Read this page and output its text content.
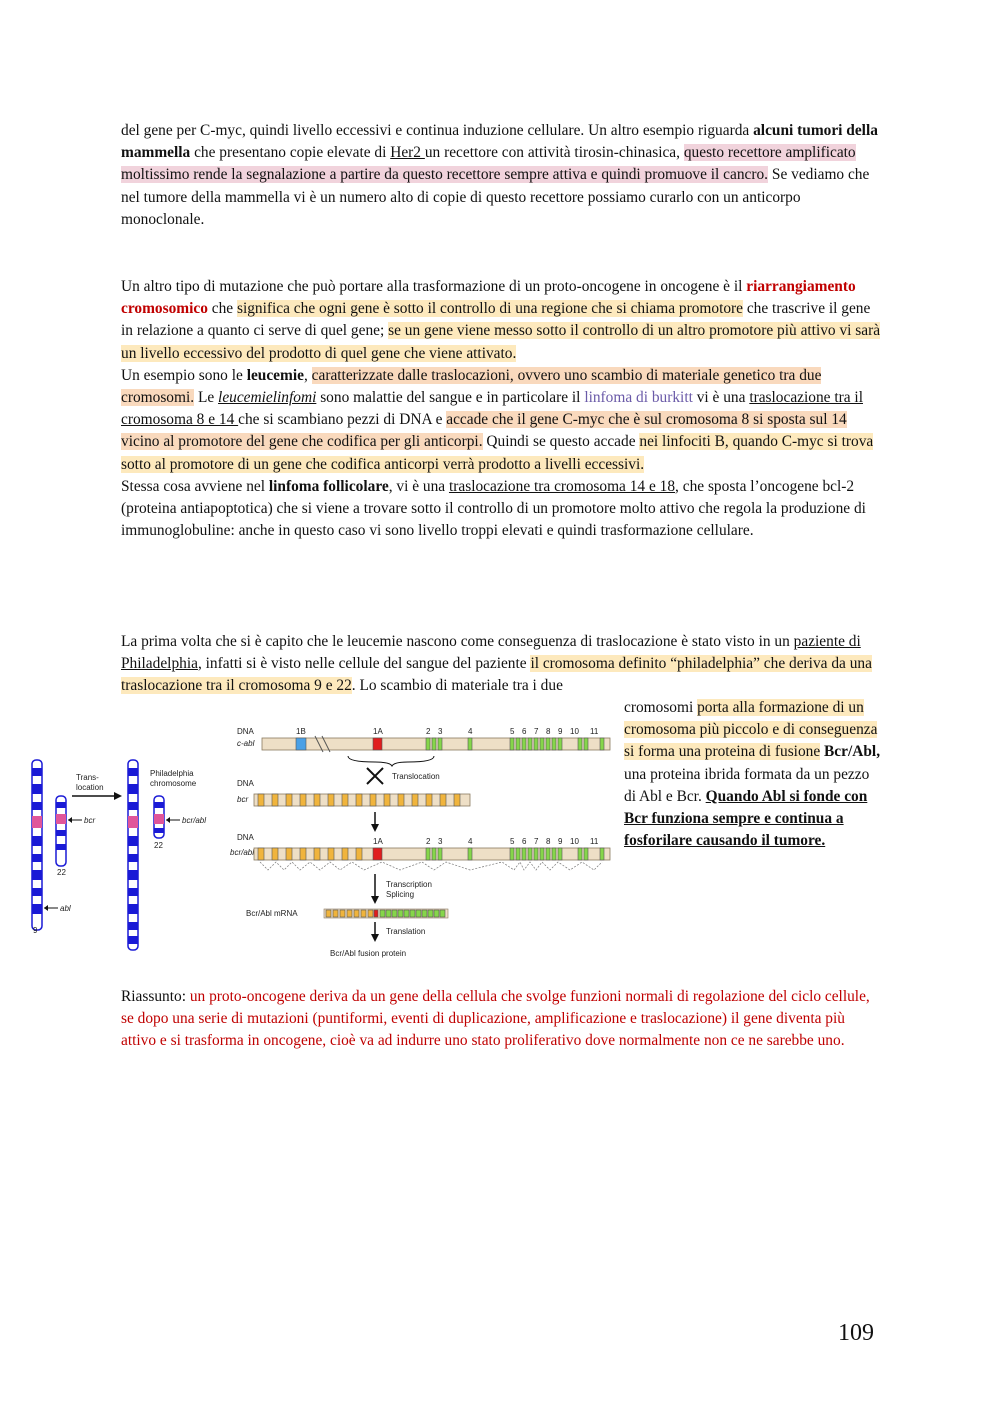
del gene per C-myc, quindi livello eccessivi e continua induzione cellulare. Un altro esempio riguarda alcuni tumori della mammella che presentano copie elevate di Her2 un recettore con attività tirosin-chinasica, questo recettore amplificato moltissimo rende la segnalazione a partire da questo recettore sempre attiva e quindi promuove il cancro. Se vediamo che nel tumore della mammella vi è un numero alto di copie di questo recettore possiamo curarlo con un anticorpo monoclonale.

Un altro tipo di mutazione che può portare alla trasformazione di un proto-oncogene in oncogene è il riarrangiamento cromosomico che significa che ogni gene è sotto il controllo di una regione che si chiama promotore che trascrive il gene in relazione a quanto ci serve di quel gene; se un gene viene messo sotto il controllo di un altro promotore più attivo vi sarà un livello eccessivo del prodotto di quel gene che viene attivato.
Un esempio sono le leucemie, caratterizzate dalle traslocazioni, ovvero uno scambio di materiale genetico tra due cromosomi. Le leucemielinfomi sono malattie del sangue e in particolare il linfoma di burkitt vi è una traslocazione tra il cromosoma 8 e 14 che si scambiano pezzi di DNA e accade che il gene C-myc che è sul cromosoma 8 si sposta sul 14 vicino al promotore del gene che codifica per gli anticorpi. Quindi se questo accade nei linfociti B, quando C-myc si trova sotto al promotore di un gene che codifica anticorpi verrà prodotto a livelli eccessivi.
Stessa cosa avviene nel linfoma follicolare, vi è una traslocazione tra cromosoma 14 e 18, che sposta l’oncogene bcl-2 (proteina antiapoptotica) che si viene a trovare sotto il controllo di un promotore molto attivo che regola la produzione di immunoglobuline: anche in questo caso vi sono livello troppi elevati e quindi trasformazione cellulare.

La prima volta che si è capito che le leucemie nascono come conseguenza di traslocazione è stato visto in un paziente di Philadelphia, infatti si è visto nelle cellule del sangue del paziente il cromosoma definito “philadelphia” che deriva da una traslocazione tra il cromosoma 9 e 22. Lo scambio di materiale tra i due

cromosomi porta alla formazione di un cromosoma più piccolo e di conseguenza si forma una proteina di fusione Bcr/Abl, una proteina ibrida formata da un pezzo di Abl e Bcr. Quando Abl si fonde con Bcr funziona sempre e continua a fosforilare causando il tumore.

9
abl
22
bcr
Trans-
location
Philadelphia
chromosome
22
bcr/abl
DNA
c-abl
1B	1A	2 3	4	5 6 7 8 9 10 11
Translocation
DNA
bcr
DNA
bcr/abl
1A	2 3	4	5 6 7 8 9 10 11
Transcription
Splicing
Bcr/Abl mRNA
Translation
Bcr/Abl fusion protein

Riassunto: un proto-oncogene deriva da un gene della cellula che svolge funzioni normali di regolazione del ciclo cellule, se dopo una serie di mutazioni (puntiformi, eventi di duplicazione, amplificazione e traslocazione) il gene diventa più attivo e si trasforma in oncogene, cioè va ad indurre uno stato proliferativo dove normalmente non ce ne sarebbe uno.

109
